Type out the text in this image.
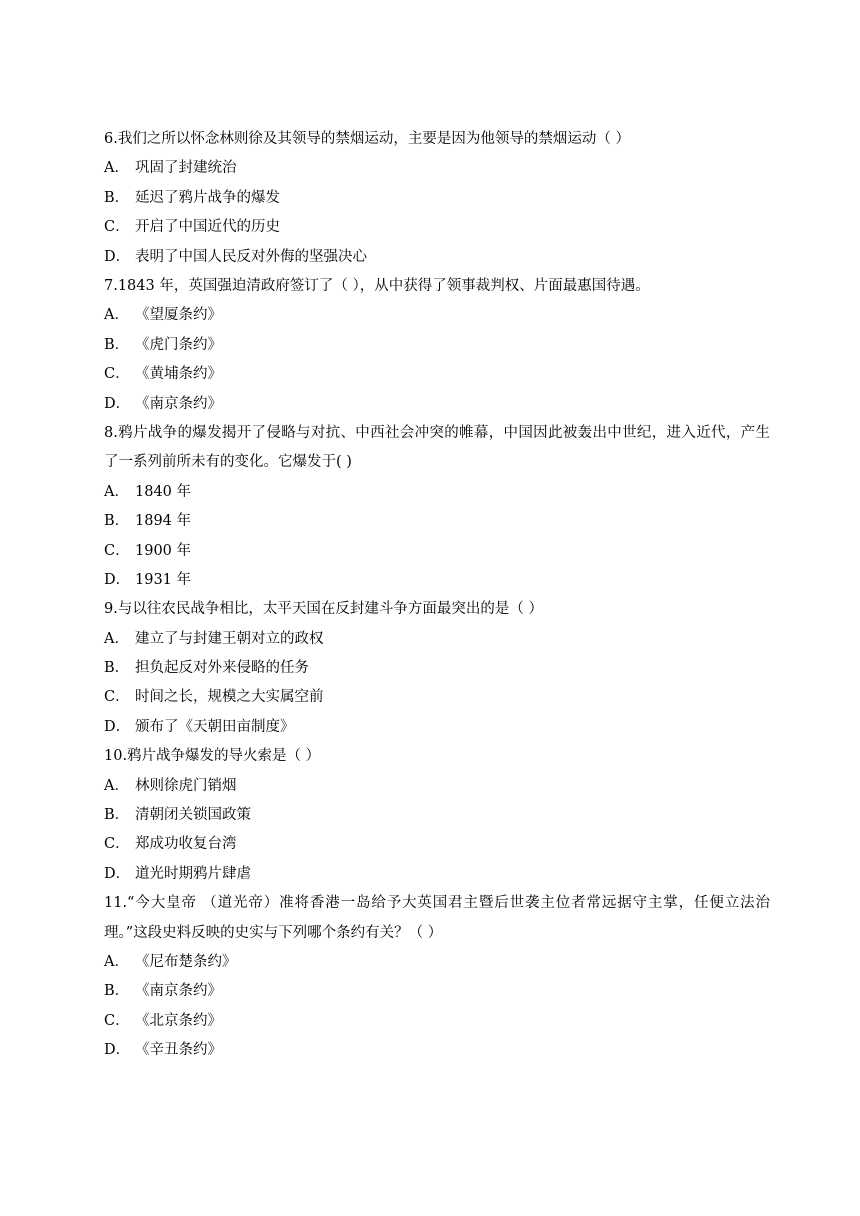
6.我们之所以怀念林则徐及其领导的禁烟运动，主要是因为他领导的禁烟运动（ ）
A． 巩固了封建统治
B． 延迟了鸦片战争的爆发
C． 开启了中国近代的历史
D． 表明了中国人民反对外侮的坚强决心
7.1843 年，英国强迫清政府签订了（ ），从中获得了领事裁判权、片面最惠国待遇。
A． 《望厦条约》
B． 《虎门条约》
C． 《黄埔条约》
D． 《南京条约》
8.鸦片战争的爆发揭开了侵略与对抗、中西社会冲突的帷幕，中国因此被轰出中世纪，进入近代，产生了一系列前所未有的变化。它爆发于( )
A． 1840 年
B． 1894 年
C． 1900 年
D． 1931 年
9.与以往农民战争相比，太平天国在反封建斗争方面最突出的是（ ）
A． 建立了与封建王朝对立的政权
B． 担负起反对外来侵略的任务
C． 时间之长，规模之大实属空前
D． 颁布了《天朝田亩制度》
10.鸦片战争爆发的导火索是（ ）
A． 林则徐虎门销烟
B． 清朝闭关锁国政策
C． 郑成功收复台湾
D． 道光时期鸦片肆虐
11.“今大皇帝 （道光帝）准将香港一岛给予大英国君主暨后世袭主位者常远据守主掌，任便立法治理。”这段史料反映的史实与下列哪个条约有关？（ ）
A． 《尼布楚条约》
B． 《南京条约》
C． 《北京条约》
D． 《辛丑条约》
